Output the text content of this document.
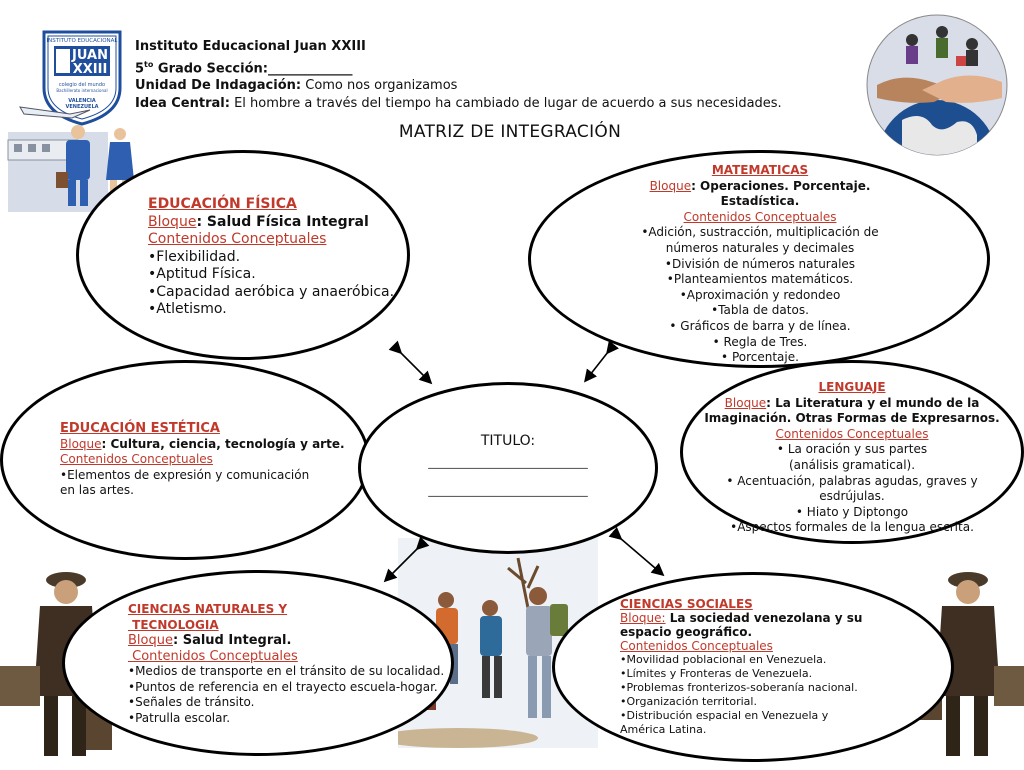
INSTITUTO EDUCACIONAL
JUAN
XXIII
colegio del mundo
Bachillerato internacional
VALENCIA
VENEZUELA
Instituto Educacional Juan XXIII
$5^{to}$ Grado Sección:_____________
Unidad De Indagación: Como nos organizamos
Idea Central: El hombre a través del tiempo ha cambiado de lugar de acuerdo a sus necesidades.
MATRIZ DE INTEGRACIÓN
EDUCACIÓN FÍSICA
Bloque: Salud Física Integral
Contenidos Conceptuales
•Flexibilidad.
•Aptitud Física.
•Capacidad aeróbica y anaeróbica.
•Atletismo.
MATEMATICAS
Bloque: Operaciones. Porcentaje.
Estadística.
Contenidos Conceptuales
•Adición, sustracción, multiplicación de
números naturales y decimales
•División de números naturales
•Planteamientos matemáticos.
•Aproximación y redondeo
•Tabla de datos.
• Gráficos de barra y de línea.
• Regla de Tres.
• Porcentaje.
EDUCACIÓN ESTÉTICA
Bloque: Cultura, ciencia, tecnología y arte.
Contenidos Conceptuales
•Elementos de expresión y comunicación
en las artes.
TITULO:
_____________________________
_____________________________
LENGUAJE
Bloque: La Literatura y el mundo de la
Imaginación. Otras Formas de Expresarnos.
Contenidos Conceptuales
• La oración y sus partes
(análisis gramatical).
• Acentuación, palabras agudas, graves y
esdrújulas.
• Hiato y Diptongo
•Aspectos formales de la lengua escrita.
CIENCIAS NATURALES Y
TECNOLOGIA
Bloque: Salud Integral.
Contenidos Conceptuales
•Medios de transporte en el tránsito de su localidad.
•Puntos de referencia en el trayecto escuela-hogar.
•Señales de tránsito.
•Patrulla escolar.
CIENCIAS SOCIALES
Bloque: La sociedad venezolana y su
espacio geográfico.
Contenidos Conceptuales
•Movilidad poblacional en Venezuela.
•Límites y Fronteras de Venezuela.
•Problemas fronterizos-soberanía nacional.
•Organización territorial.
•Distribución espacial en Venezuela y
América Latina.
